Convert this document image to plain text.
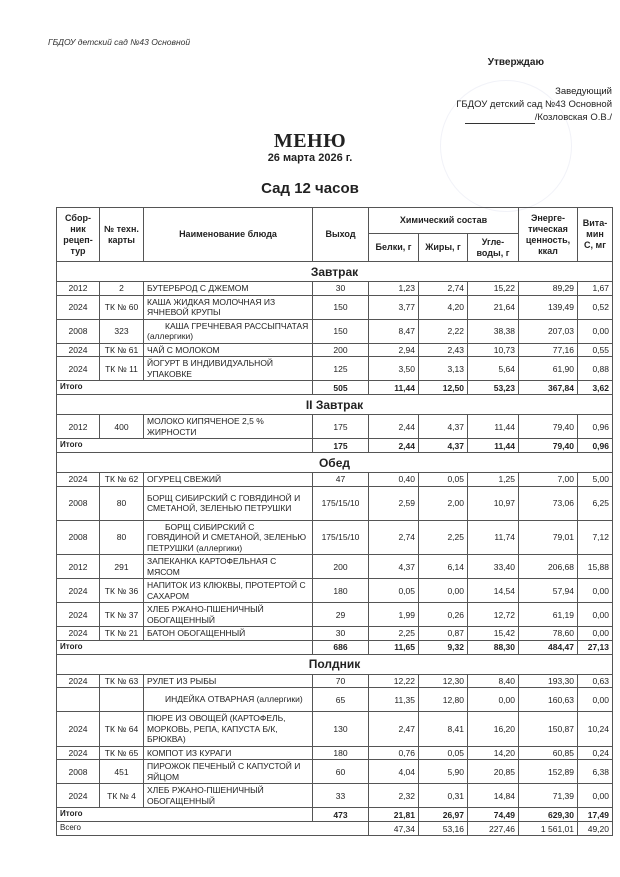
ГБДОУ детский сад №43 Основной
Утверждаю
Заведующий
ГБДОУ детский сад №43 Основной
/Козловская О.В./
МЕНЮ
26 марта 2026 г.
Сад 12 часов
Сбор-ник рецеп-тур	№ техн. карты	Наименование блюда	Выход	Химический состав			Энерге-тическая ценность, ккал	Вита-мин С, мг
				Белки, г	Жиры, г	Угле-воды, г		
Завтрак								
2012	2	БУТЕРБРОД С ДЖЕМОМ	30	1,23	2,74	15,22	89,29	1,67
2024	ТК № 60	КАША ЖИДКАЯ МОЛОЧНАЯ ИЗ ЯЧНЕВОЙ КРУПЫ	150	3,77	4,20	21,64	139,49	0,52
2008	323	КАША ГРЕЧНЕВАЯ РАССЫПЧАТАЯ (аллергики)	150	8,47	2,22	38,38	207,03	0,00
2024	ТК № 61	ЧАЙ С МОЛОКОМ	200	2,94	2,43	10,73	77,16	0,55
2024	ТК № 11	ЙОГУРТ В ИНДИВИДУАЛЬНОЙ УПАКОВКЕ	125	3,50	3,13	5,64	61,90	0,88
Итого			505	11,44	12,50	53,23	367,84	3,62
II Завтрак								
2012	400	МОЛОКО КИПЯЧЕНОЕ 2,5 % ЖИРНОСТИ	175	2,44	4,37	11,44	79,40	0,96
Итого			175	2,44	4,37	11,44	79,40	0,96
Обед								
2024	ТК № 62	ОГУРЕЦ СВЕЖИЙ	47	0,40	0,05	1,25	7,00	5,00
2008	80	БОРЩ СИБИРСКИЙ С ГОВЯДИНОЙ И СМЕТАНОЙ, ЗЕЛЕНЬЮ ПЕТРУШКИ	175/15/10	2,59	2,00	10,97	73,06	6,25
2008	80	БОРЩ СИБИРСКИЙ С ГОВЯДИНОЙ И СМЕТАНОЙ, ЗЕЛЕНЬЮ ПЕТРУШКИ (аллергики)	175/15/10	2,74	2,25	11,74	79,01	7,12
2012	291	ЗАПЕКАНКА КАРТОФЕЛЬНАЯ С МЯСОМ	200	4,37	6,14	33,40	206,68	15,88
2024	ТК № 36	НАПИТОК ИЗ КЛЮКВЫ, ПРОТЕРТОЙ С САХАРОМ	180	0,05	0,00	14,54	57,94	0,00
2024	ТК № 37	ХЛЕБ РЖАНО-ПШЕНИЧНЫЙ ОБОГАЩЕННЫЙ	29	1,99	0,26	12,72	61,19	0,00
2024	ТК № 21	БАТОН ОБОГАЩЕННЫЙ	30	2,25	0,87	15,42	78,60	0,00
Итого			686	11,65	9,32	88,30	484,47	27,13
Полдник								
2024	ТК № 63	РУЛЕТ ИЗ РЫБЫ	70	12,22	12,30	8,40	193,30	0,63
		ИНДЕЙКА ОТВАРНАЯ (аллергики)	65	11,35	12,80	0,00	160,63	0,00
2024	ТК № 64	ПЮРЕ ИЗ ОВОЩЕЙ (КАРТОФЕЛЬ, МОРКОВЬ, РЕПА, КАПУСТА Б/К, БРЮКВА)	130	2,47	8,41	16,20	150,87	10,24
2024	ТК № 65	КОМПОТ ИЗ КУРАГИ	180	0,76	0,05	14,20	60,85	0,24
2008	451	ПИРОЖОК ПЕЧЕНЫЙ С КАПУСТОЙ И ЯЙЦОМ	60	4,04	5,90	20,85	152,89	6,38
2024	ТК № 4	ХЛЕБ РЖАНО-ПШЕНИЧНЫЙ ОБОГАЩЕННЫЙ	33	2,32	0,31	14,84	71,39	0,00
Итого			473	21,81	26,97	74,49	629,30	17,49
Всего				47,34	53,16	227,46	1 561,01	49,20
